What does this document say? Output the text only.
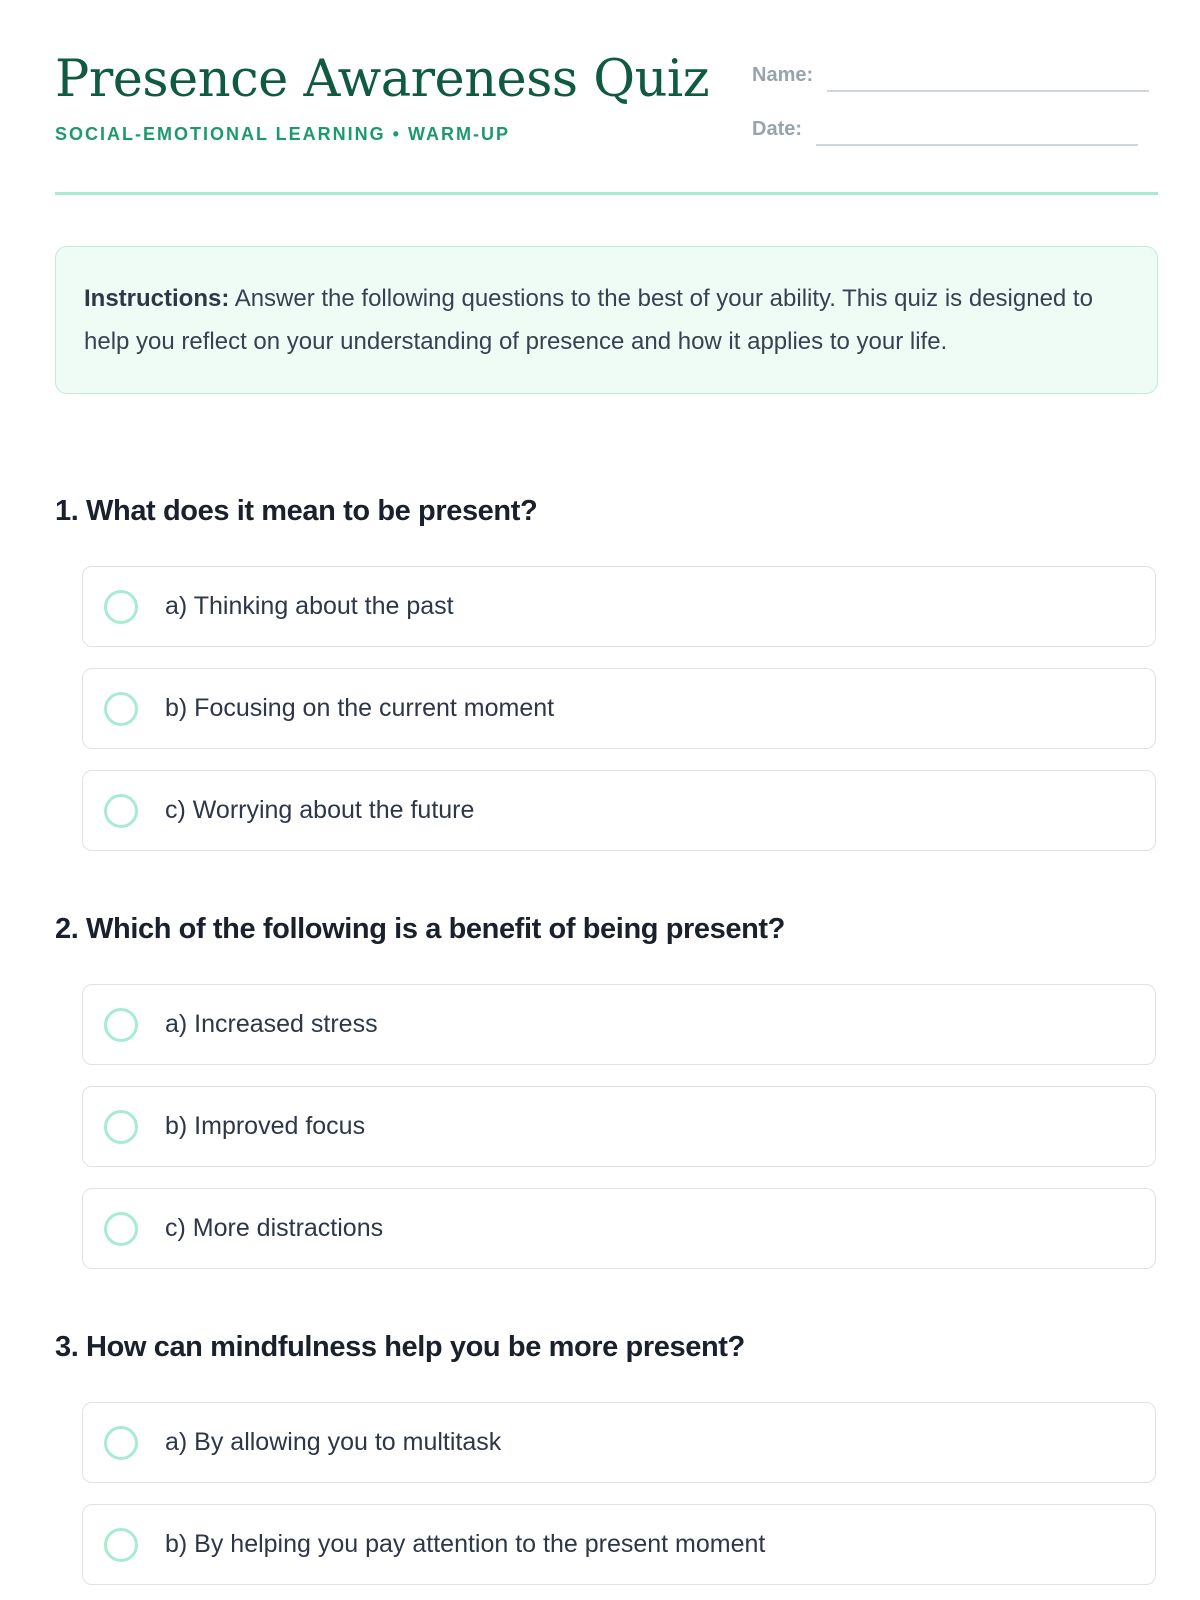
Presence Awareness Quiz
SOCIAL-EMOTIONAL LEARNING • WARM-UP
Name:
Date:
Instructions: Answer the following questions to the best of your ability. This quiz is designed to help you reflect on your understanding of presence and how it applies to your life.
1. What does it mean to be present?
a) Thinking about the past
b) Focusing on the current moment
c) Worrying about the future
2. Which of the following is a benefit of being present?
a) Increased stress
b) Improved focus
c) More distractions
3. How can mindfulness help you be more present?
a) By allowing you to multitask
b) By helping you pay attention to the present moment
